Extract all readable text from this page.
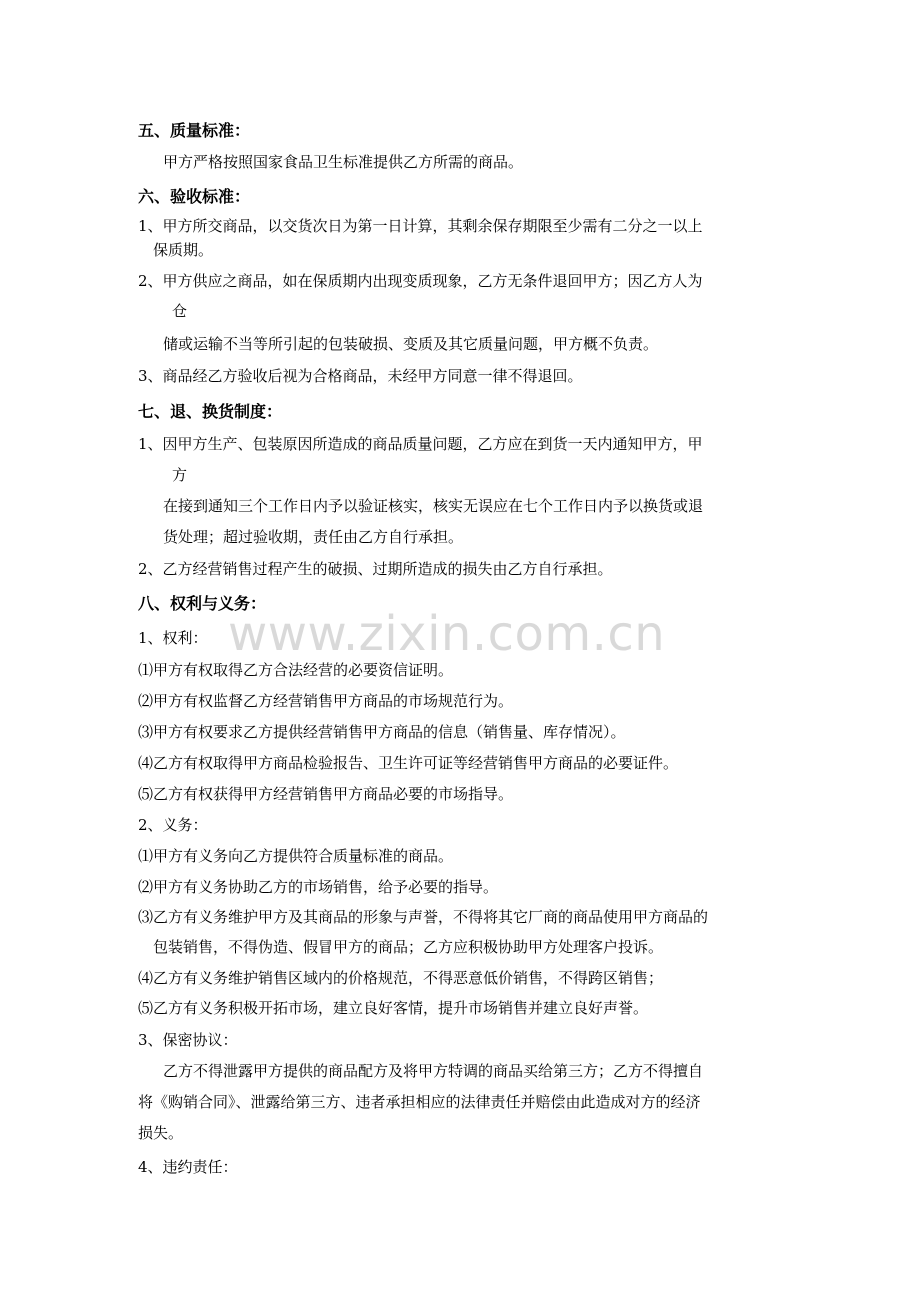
www.zixin.com.cn
五、质量标准：
甲方严格按照国家食品卫生标准提供乙方所需的商品。
六、验收标准：
1、甲方所交商品，以交货次日为第一日计算，其剩余保存期限至少需有二分之一以上
保质期。
2、甲方供应之商品，如在保质期内出现变质现象，乙方无条件退回甲方；因乙方人为
仓
储或运输不当等所引起的包装破损、变质及其它质量问题，甲方概不负责。
3、商品经乙方验收后视为合格商品，未经甲方同意一律不得退回。
七、退、换货制度：
1、因甲方生产、包装原因所造成的商品质量问题，乙方应在到货一天内通知甲方，甲
方
在接到通知三个工作日内予以验证核实，核实无误应在七个工作日内予以换货或退
货处理；超过验收期，责任由乙方自行承担。
2、乙方经营销售过程产生的破损、过期所造成的损失由乙方自行承担。
八、权利与义务：
1、权利：
⑴甲方有权取得乙方合法经营的必要资信证明。
⑵甲方有权监督乙方经营销售甲方商品的市场规范行为。
⑶甲方有权要求乙方提供经营销售甲方商品的信息（销售量、库存情况）。
⑷乙方有权取得甲方商品检验报告、卫生许可证等经营销售甲方商品的必要证件。
⑸乙方有权获得甲方经营销售甲方商品必要的市场指导。
2、义务：
⑴甲方有义务向乙方提供符合质量标准的商品。
⑵甲方有义务协助乙方的市场销售，给予必要的指导。
⑶乙方有义务维护甲方及其商品的形象与声誉，不得将其它厂商的商品使用甲方商品的
包装销售，不得伪造、假冒甲方的商品；乙方应积极协助甲方处理客户投诉。
⑷乙方有义务维护销售区域内的价格规范，不得恶意低价销售，不得跨区销售；
⑸乙方有义务积极开拓市场，建立良好客情，提升市场销售并建立良好声誉。
3、保密协议：
乙方不得泄露甲方提供的商品配方及将甲方特调的商品买给第三方；乙方不得擅自
将《购销合同》、泄露给第三方、违者承担相应的法律责任并赔偿由此造成对方的经济
损失。
4、违约责任：
